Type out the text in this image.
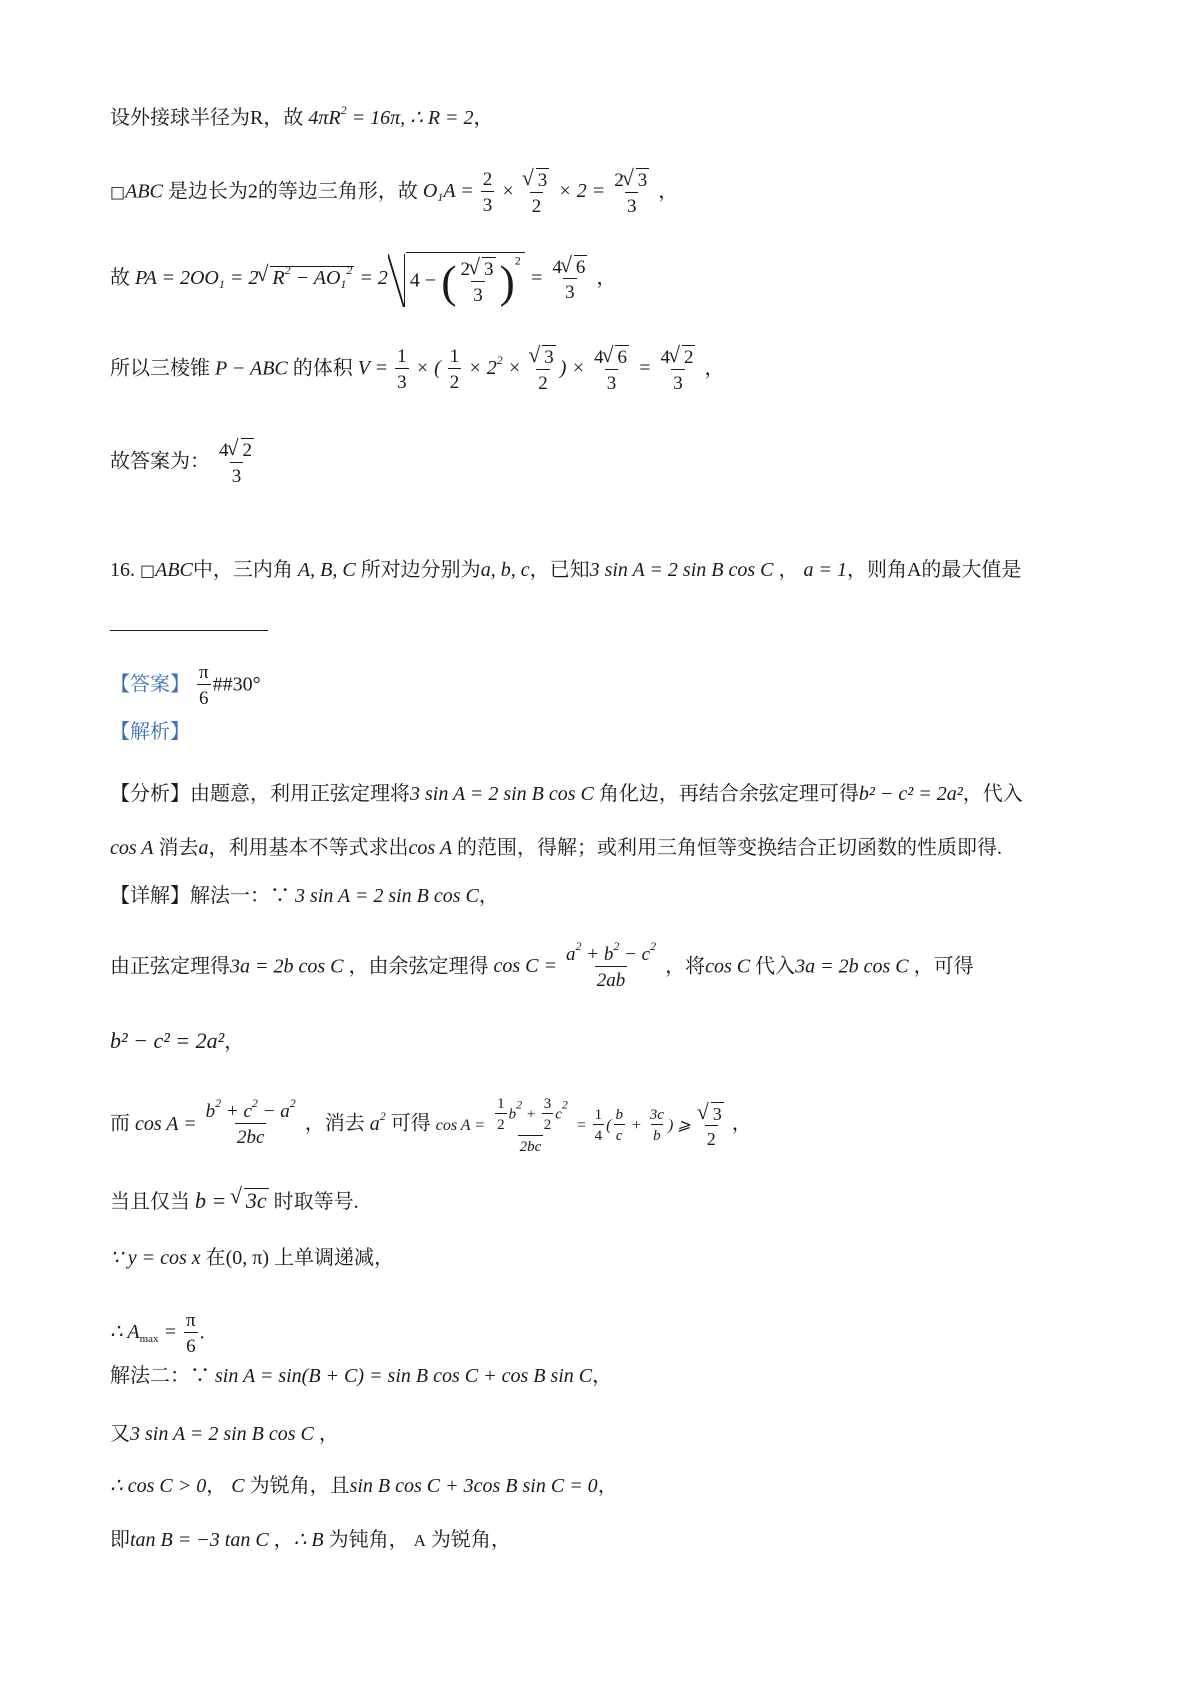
设外接球半径为R，故 $4\pi R^2 = 16\pi$, ∴ R = 2，
□ABC 是边长为2的等边三角形，故 $O_1A = \frac{2}{3}$ ×
√ $\frac{3}{2} \times 2 = \frac{2√ 3}{3}$ ，
故 PA = $2OO_1 = 2√$ $R^2 - AO_1^2 = 2$ 4 − ( $\frac{2√ 3}{3} )^2 = \frac{4√ 6}{3}$ ，
所以三棱锥 P − ABC 的体积 $V = \frac{1}{3}$ × ( $\frac{1}{2} \times 2^2$ ×
√ $\frac{3}{2}$ ) × $\frac{4√ 6}{3} = \frac{4√ 2}{3}$ ，
故答案为： $\frac{4√ 2}{3}$
16. □ABC中，三内角 A, B, C 所对边分别为a, b, c，已知3 sin A = 2 sin B cos C ， a = 1，则角A的最大值是
【答案】 $\frac{\pi}{6}$ ##30°
【解析】
【分析】由题意，利用正弦定理将3 sin A = 2 sin B cos C 角化边，再结合余弦定理可得b² − c² = 2a²，代入
cos A 消去a，利用基本不等式求出cos A 的范围，得解；或利用三角恒等变换结合正切函数的性质即得.
【详解】解法一：∵ 3 sin A = 2 sin B cos C，
由正弦定理得3a = 2b cos C ，由余弦定理得 $\cos C = \frac{a^2 + b^2 - c^2}{2ab}$ ，将cos C 代入3a = 2b cos C ，可得
b² − c² = 2a²，
而 $\cos A = \frac{b^2 + c^2 - a^2}{2bc}$ ，消去 $a^2$ 可得 $\cos A = \frac{\frac{1}{2} b^2 + \frac{3}{2} c^2}{2bc} = \frac{1}{4}$ ( $\frac{b}{c} + \frac{3c}{b}$ ) ⩾
√ $\frac{3}{2}$ ，
当且仅当 b = √ 3c 时取等号.
∵ y = cos x 在(0, π) 上单调递减，
∴ $A_{max} = \frac{\pi}{6}$ .
解法二：∵ sin A = sin(B + C) = sin B cos C + cos B sin C，
又3 sin A = 2 sin B cos C ，
∴ cos C > 0， C 为锐角，且sin B cos C + 3cos B sin C = 0，
即tan B = −3 tan C ，∴ B 为钝角， A 为锐角，
